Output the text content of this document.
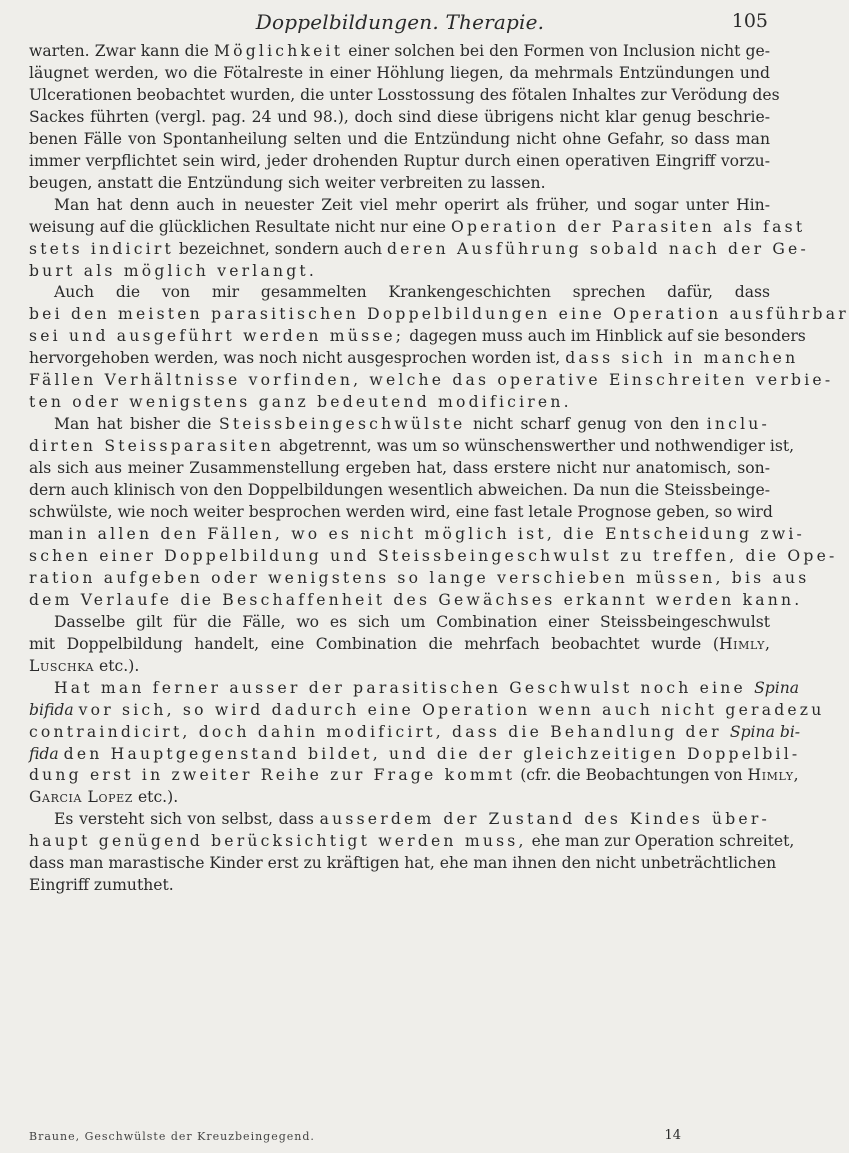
Doppelbildungen. Therapie.	105
warten. Zwar kann die Möglichkeit einer solchen bei den Formen von Inclusion nicht ge-
läugnet werden, wo die Fötalreste in einer Höhlung liegen, da mehrmals Entzündungen und
Ulcerationen beobachtet wurden, die unter Losstossung des fötalen Inhaltes zur Verödung des
Sackes führten (vergl. pag. 24 und 98.), doch sind diese übrigens nicht klar genug beschrie-
benen Fälle von Spontanheilung selten und die Entzündung nicht ohne Gefahr, so dass man
immer verpflichtet sein wird, jeder drohenden Ruptur durch einen operativen Eingriff vorzu-
beugen, anstatt die Entzündung sich weiter verbreiten zu lassen.
Man hat denn auch in neuester Zeit viel mehr operirt als früher, und sogar unter Hin-
weisung auf die glücklichen Resultate nicht nur eine Operation der Parasiten als fast
stets indicirt bezeichnet, sondern auch deren Ausführung sobald nach der Ge-
burt als möglich verlangt.
Auch die von mir gesammelten Krankengeschichten sprechen dafür, dass
bei den meisten parasitischen Doppelbildungen eine Operation ausführbar
sei und ausgeführt werden müsse; dagegen muss auch im Hinblick auf sie besonders
hervorgehoben werden, was noch nicht ausgesprochen worden ist, dass sich in manchen
Fällen Verhältnisse vorfinden, welche das operative Einschreiten verbie-
ten oder wenigstens ganz bedeutend modificiren.
Man hat bisher die Steissbeingeschwülste nicht scharf genug von den inclu-
dirten Steissparasiten abgetrennt, was um so wünschenswerther und nothwendiger ist,
als sich aus meiner Zusammenstellung ergeben hat, dass erstere nicht nur anatomisch, son-
dern auch klinisch von den Doppelbildungen wesentlich abweichen. Da nun die Steissbeinge-
schwülste, wie noch weiter besprochen werden wird, eine fast letale Prognose geben, so wird
man in allen den Fällen, wo es nicht möglich ist, die Entscheidung zwi-
schen einer Doppelbildung und Steissbeingeschwulst zu treffen, die Ope-
ration aufgeben oder wenigstens so lange verschieben müssen, bis aus
dem Verlaufe die Beschaffenheit des Gewächses erkannt werden kann.
Dasselbe gilt für die Fälle, wo es sich um Combination einer Steissbeingeschwulst
mit Doppelbildung handelt, eine Combination die mehrfach beobachtet wurde (Himly,
Luschka etc.).
Hat man ferner ausser der parasitischen Geschwulst noch eine Spina
bifida vor sich, so wird dadurch eine Operation wenn auch nicht geradezu
contraindicirt, doch dahin modificirt, dass die Behandlung der Spina bi-
fida den Hauptgegenstand bildet, und die der gleichzeitigen Doppelbil-
dung erst in zweiter Reihe zur Frage kommt (cfr. die Beobachtungen von Himly,
Garcia Lopez etc.).
Es versteht sich von selbst, dass ausserdem der Zustand des Kindes über-
haupt genügend berücksichtigt werden muss, ehe man zur Operation schreitet,
dass man marastische Kinder erst zu kräftigen hat, ehe man ihnen den nicht unbeträchtlichen
Eingriff zumuthet.
Braune, Geschwülste der Kreuzbeingegend.	14
